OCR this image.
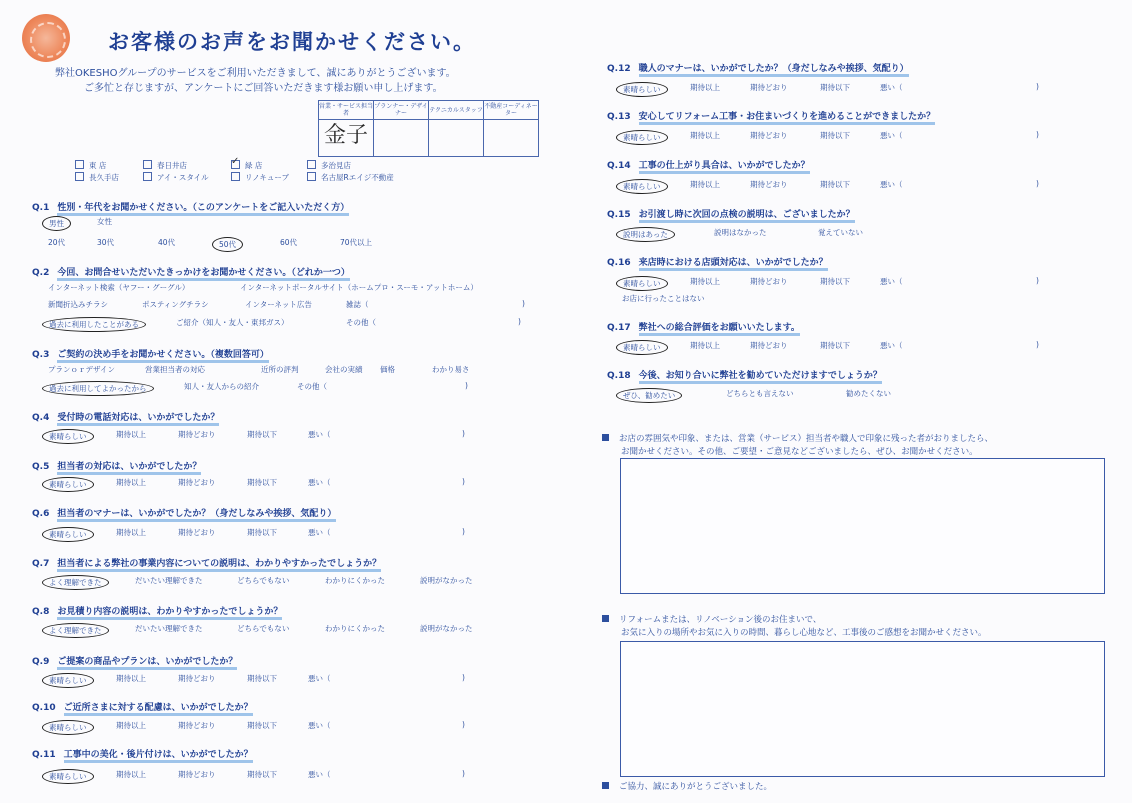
お客様のお声をお聞かせください。
弊社OKESHOグループのサービスをご利用いただきまして、誠にありがとうございます。
ご多忙と存じますが、アンケートにご回答いただきます様お願い申し上げます。
営業・サービス担当者	プランナー・デザイナー	テクニカルスタッフ	不動産コーディネーター
金子			
東 店	春日井店 ✓	緑 店	多治見店
長久手店	アイ・スタイル	リノキューブ	名古屋Rエイジ不動産
Q.1 性別・年代をお聞かせください。（このアンケートをご記入いただく方）
男性	女性
20代	30代	40代	50代	60代	70代以上
Q.2 今回、お問合せいただいたきっかけをお聞かせください。（どれか一つ）
インターネット検索（ヤフー・グーグル）	インターネットポータルサイト（ホームプロ・スーモ・アットホーム）
新聞折込みチラシ	ポスティングチラシ	インターネット広告	雑誌（	)
過去に利用したことがある	ご紹介（知人・友人・東邦ガス）	その他（	)
Q.3 ご契約の決め手をお聞かせください。（複数回答可）
プランｏｒデザイン	営業担当者の対応	近所の評判	会社の実績 価格	わかり易さ
過去に利用してよかったから	知人・友人からの紹介	その他（	)
Q.4 受付時の電話対応は、いかがでしたか？
素晴らしい	期待以上	期待どおり	期待以下	悪い（	)
Q.5 担当者の対応は、いかがでしたか？
素晴らしい	期待以上	期待どおり	期待以下	悪い（	)
Q.6 担当者のマナーは、いかがでしたか？（身だしなみや挨拶、気配り）
素晴らしい	期待以上	期待どおり	期待以下	悪い（	)
Q.7 担当者による弊社の事業内容についての説明は、わかりやすかったでしょうか？
よく理解できた	だいたい理解できた	どちらでもない	わかりにくかった	説明がなかった
Q.8 お見積り内容の説明は、わかりやすかったでしょうか？
よく理解できた	だいたい理解できた	どちらでもない	わかりにくかった	説明がなかった
Q.9 ご提案の商品やプランは、いかがでしたか？
素晴らしい	期待以上	期待どおり	期待以下	悪い（	)
Q.10 ご近所さまに対する配慮は、いかがでしたか？
素晴らしい	期待以上	期待どおり	期待以下	悪い（	)
Q.11 工事中の美化・後片付けは、いかがでしたか？
素晴らしい	期待以上	期待どおり	期待以下	悪い（	)
Q.12 職人のマナーは、いかがでしたか？（身だしなみや挨拶、気配り）
素晴らしい	期待以上	期待どおり	期待以下	悪い（	)
Q.13 安心してリフォーム工事・お住まいづくりを進めることができましたか？
素晴らしい	期待以上	期待どおり	期待以下	悪い（	)
Q.14 工事の仕上がり具合は、いかがでしたか？
素晴らしい	期待以上	期待どおり	期待以下	悪い（	)
Q.15 お引渡し時に次回の点検の説明は、ございましたか？
説明はあった	説明はなかった	覚えていない
Q.16 来店時における店頭対応は、いかがでしたか？
素晴らしい	期待以上	期待どおり	期待以下	悪い（	)
お店に行ったことはない
Q.17 弊社への総合評価をお願いいたします。
素晴らしい	期待以上	期待どおり	期待以下	悪い（	)
Q.18 今後、お知り合いに弊社を勧めていただけますでしょうか？
ぜひ、勧めたい	どちらとも言えない	勧めたくない
お店の雰囲気や印象、または、営業（サービス）担当者や職人で印象に残った者がおりましたら、
お聞かせください。その他、ご要望・ご意見などございましたら、ぜひ、お聞かせください。
リフォームまたは、リノベーション後のお住まいで、
お気に入りの場所やお気に入りの時間、暮らし心地など、工事後のご感想をお聞かせください。
ご協力、誠にありがとうございました。
